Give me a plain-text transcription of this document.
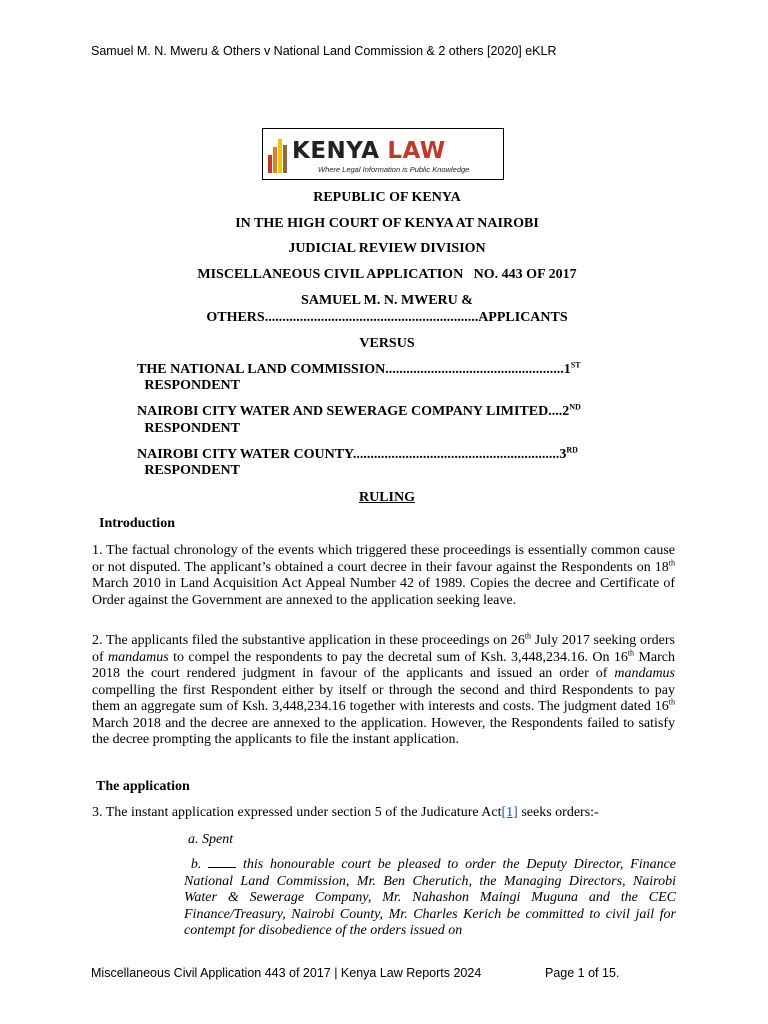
Samuel M. N. Mweru & Others v National Land Commission & 2 others [2020] eKLR
KENYA LAW
Where Legal Information is Public Knowledge
REPUBLIC OF KENYA
IN THE HIGH COURT OF KENYA AT NAIROBI
JUDICIAL REVIEW DIVISION
MISCELLANEOUS CIVIL APPLICATION   NO. 443 OF 2017
SAMUEL M. N. MWERU &
OTHERS.............................................................APPLICANTS
VERSUS
THE NATIONAL LAND COMMISSION...................................................1ST
RESPONDENT
NAIROBI CITY WATER AND SEWERAGE COMPANY LIMITED....2ND
RESPONDENT
NAIROBI CITY WATER COUNTY...........................................................3RD
RESPONDENT
RULING
Introduction
1. The factual chronology of the events which triggered these proceedings is essentially common cause or not disputed. The applicant’s obtained a court decree in their favour against the Respondents on 18th March 2010 in Land Acquisition Act Appeal Number 42 of 1989. Copies the decree and Certificate of Order against the Government are annexed to the application seeking leave.
2. The applicants filed the substantive application in these proceedings on 26th July 2017 seeking orders of mandamus to compel the respondents to pay the decretal sum of Ksh. 3,448,234.16. On 16th March 2018 the court rendered judgment in favour of the applicants and issued an order of mandamus compelling the first Respondent either by itself or through the second and third Respondents to pay them an aggregate sum of Ksh. 3,448,234.16 together with interests and costs. The judgment dated 16th March 2018 and the decree are annexed to the application. However, the Respondents failed to satisfy the decree prompting the applicants to file the instant application.
The application
3. The instant application expressed under section 5 of the Judicature Act[1] seeks orders:-
a. Spent
b.  this honourable court be pleased to order the Deputy Director, Finance National Land Commission, Mr. Ben Cherutich, the Managing Directors, Nairobi Water & Sewerage Company, Mr. Nahashon Maingi Muguna and the CEC Finance/Treasury, Nairobi County, Mr. Charles Kerich be committed to civil jail for contempt for disobedience of the orders issued on
Miscellaneous Civil Application 443 of 2017 | Kenya Law Reports 2024	Page 1 of 15.
